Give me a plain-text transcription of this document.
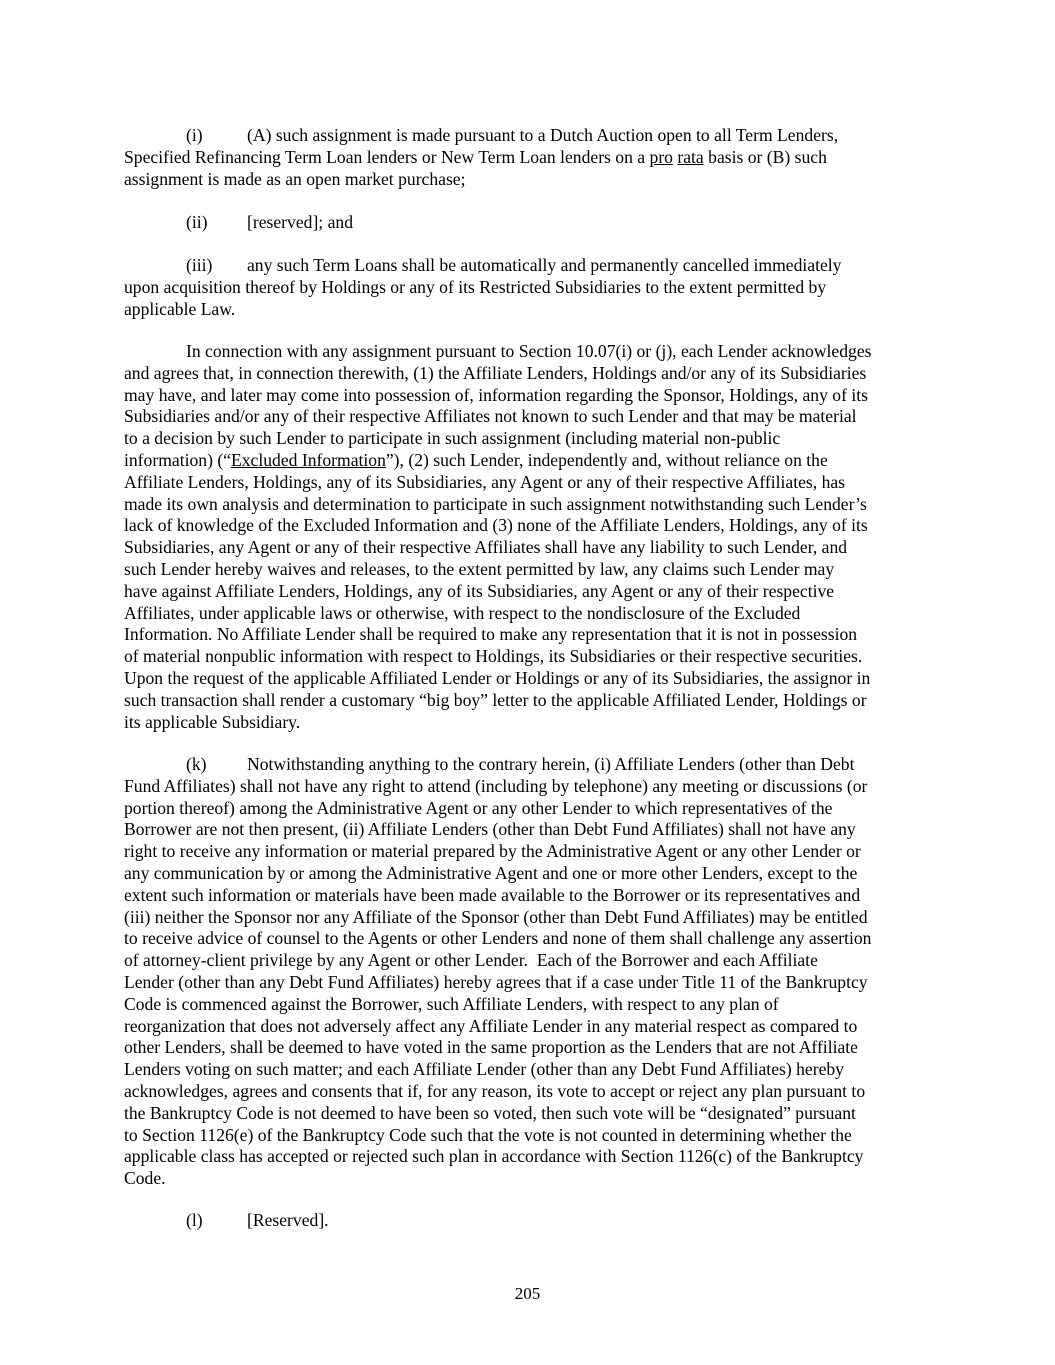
(i)	(A) such assignment is made pursuant to a Dutch Auction open to all Term Lenders,
Specified Refinancing Term Loan lenders or New Term Loan lenders on a pro rata basis or (B) such
assignment is made as an open market purchase;
(ii) [reserved]; and
(iii) any such Term Loans shall be automatically and permanently cancelled immediately
upon acquisition thereof by Holdings or any of its Restricted Subsidiaries to the extent permitted by
applicable Law.
In connection with any assignment pursuant to Section 10.07(i) or (j), each Lender acknowledges
and agrees that, in connection therewith, (1) the Affiliate Lenders, Holdings and/or any of its Subsidiaries
may have, and later may come into possession of, information regarding the Sponsor, Holdings, any of its
Subsidiaries and/or any of their respective Affiliates not known to such Lender and that may be material
to a decision by such Lender to participate in such assignment (including material non-public
information) (“Excluded Information”), (2) such Lender, independently and, without reliance on the
Affiliate Lenders, Holdings, any of its Subsidiaries, any Agent or any of their respective Affiliates, has
made its own analysis and determination to participate in such assignment notwithstanding such Lender’s
lack of knowledge of the Excluded Information and (3) none of the Affiliate Lenders, Holdings, any of its
Subsidiaries, any Agent or any of their respective Affiliates shall have any liability to such Lender, and
such Lender hereby waives and releases, to the extent permitted by law, any claims such Lender may
have against Affiliate Lenders, Holdings, any of its Subsidiaries, any Agent or any of their respective
Affiliates, under applicable laws or otherwise, with respect to the nondisclosure of the Excluded
Information. No Affiliate Lender shall be required to make any representation that it is not in possession
of material nonpublic information with respect to Holdings, its Subsidiaries or their respective securities.
Upon the request of the applicable Affiliated Lender or Holdings or any of its Subsidiaries, the assignor in
such transaction shall render a customary “big boy” letter to the applicable Affiliated Lender, Holdings or
its applicable Subsidiary.
(k) Notwithstanding anything to the contrary herein, (i) Affiliate Lenders (other than Debt
Fund Affiliates) shall not have any right to attend (including by telephone) any meeting or discussions (or
portion thereof) among the Administrative Agent or any other Lender to which representatives of the
Borrower are not then present, (ii) Affiliate Lenders (other than Debt Fund Affiliates) shall not have any
right to receive any information or material prepared by the Administrative Agent or any other Lender or
any communication by or among the Administrative Agent and one or more other Lenders, except to the
extent such information or materials have been made available to the Borrower or its representatives and
(iii) neither the Sponsor nor any Affiliate of the Sponsor (other than Debt Fund Affiliates) may be entitled
to receive advice of counsel to the Agents or other Lenders and none of them shall challenge any assertion
of attorney-client privilege by any Agent or other Lender.  Each of the Borrower and each Affiliate
Lender (other than any Debt Fund Affiliates) hereby agrees that if a case under Title 11 of the Bankruptcy
Code is commenced against the Borrower, such Affiliate Lenders, with respect to any plan of
reorganization that does not adversely affect any Affiliate Lender in any material respect as compared to
other Lenders, shall be deemed to have voted in the same proportion as the Lenders that are not Affiliate
Lenders voting on such matter; and each Affiliate Lender (other than any Debt Fund Affiliates) hereby
acknowledges, agrees and consents that if, for any reason, its vote to accept or reject any plan pursuant to
the Bankruptcy Code is not deemed to have been so voted, then such vote will be “designated” pursuant
to Section 1126(e) of the Bankruptcy Code such that the vote is not counted in determining whether the
applicable class has accepted or rejected such plan in accordance with Section 1126(c) of the Bankruptcy
Code.
(l)	[Reserved].
205
